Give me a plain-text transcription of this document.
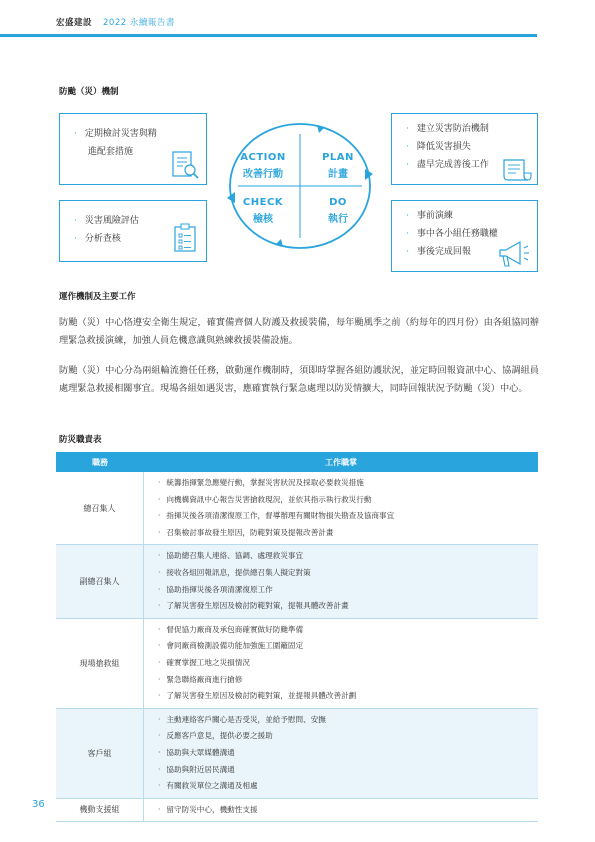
宏盛建設 2022 永續報告書
防颱（災）機制
· 定期檢討災害與精
進配套措施
· 災害風險評估
· 分析查核
· 建立災害防治機制
· 降低災害損失
· 盡早完成善後工作
· 事前演練
· 事中各小組任務職權
· 事後完成回報
ACTION
改善行動
PLAN
計畫
CHECK
檢核
DO
執行
運作機制及主要工作

防颱（災）中心恪遵安全衛生規定，確實備齊個人防護及救援裝備，每年颱風季之前（約每年的四月份）由各組協同辦理緊急救援演練，加強人員危機意識與熟練救援裝備設施。

防颱（災）中心分為兩組輪流擔任任務，啟動運作機制時，須即時掌握各組防護狀況，並定時回報資訊中心、協調組員處理緊急救援相關事宜。現場各組如遇災害，應確實執行緊急處理以防災情擴大，同時回報狀況予防颱（災）中心。

防災職責表
職務	工作職掌
總召集人
· 統籌指揮緊急應變行動，掌握災害狀況及採取必要救災措施
· 向機構資訊中心報告災害搶救現況，並依其指示執行救災行動
· 指揮災後各項清潔復原工作，督導辦理有關財物損失勘查及協商事宜
· 召集檢討事故發生原因，防範對策及提報改善計畫
副總召集人
· 協助總召集人連絡、協調、處理救災事宜
· 接收各組回報訊息，提供總召集人擬定對策
· 協助指揮災後各項清潔復原工作
· 了解災害發生原因及檢討防範對策，提報具體改善計畫
現場搶救組
· 督促協力廠商及承包商確實做好防颱準備
· 會同廠商檢測設備功能加強施工圍籬固定
· 確實掌握工地之災損情況
· 緊急聯絡廠商進行搶修
· 了解災害發生原因及檢討防範對策，並提報具體改善計劃
客戶組
· 主動連絡客戶關心是否受災，並給予慰問、安撫
· 反應客戶意見，提供必要之援助
· 協助與大眾媒體溝通
· 協助與附近居民溝通
· 有關救災單位之溝通及相處
機動支援組
·	留守防災中心，機動性支援
36
